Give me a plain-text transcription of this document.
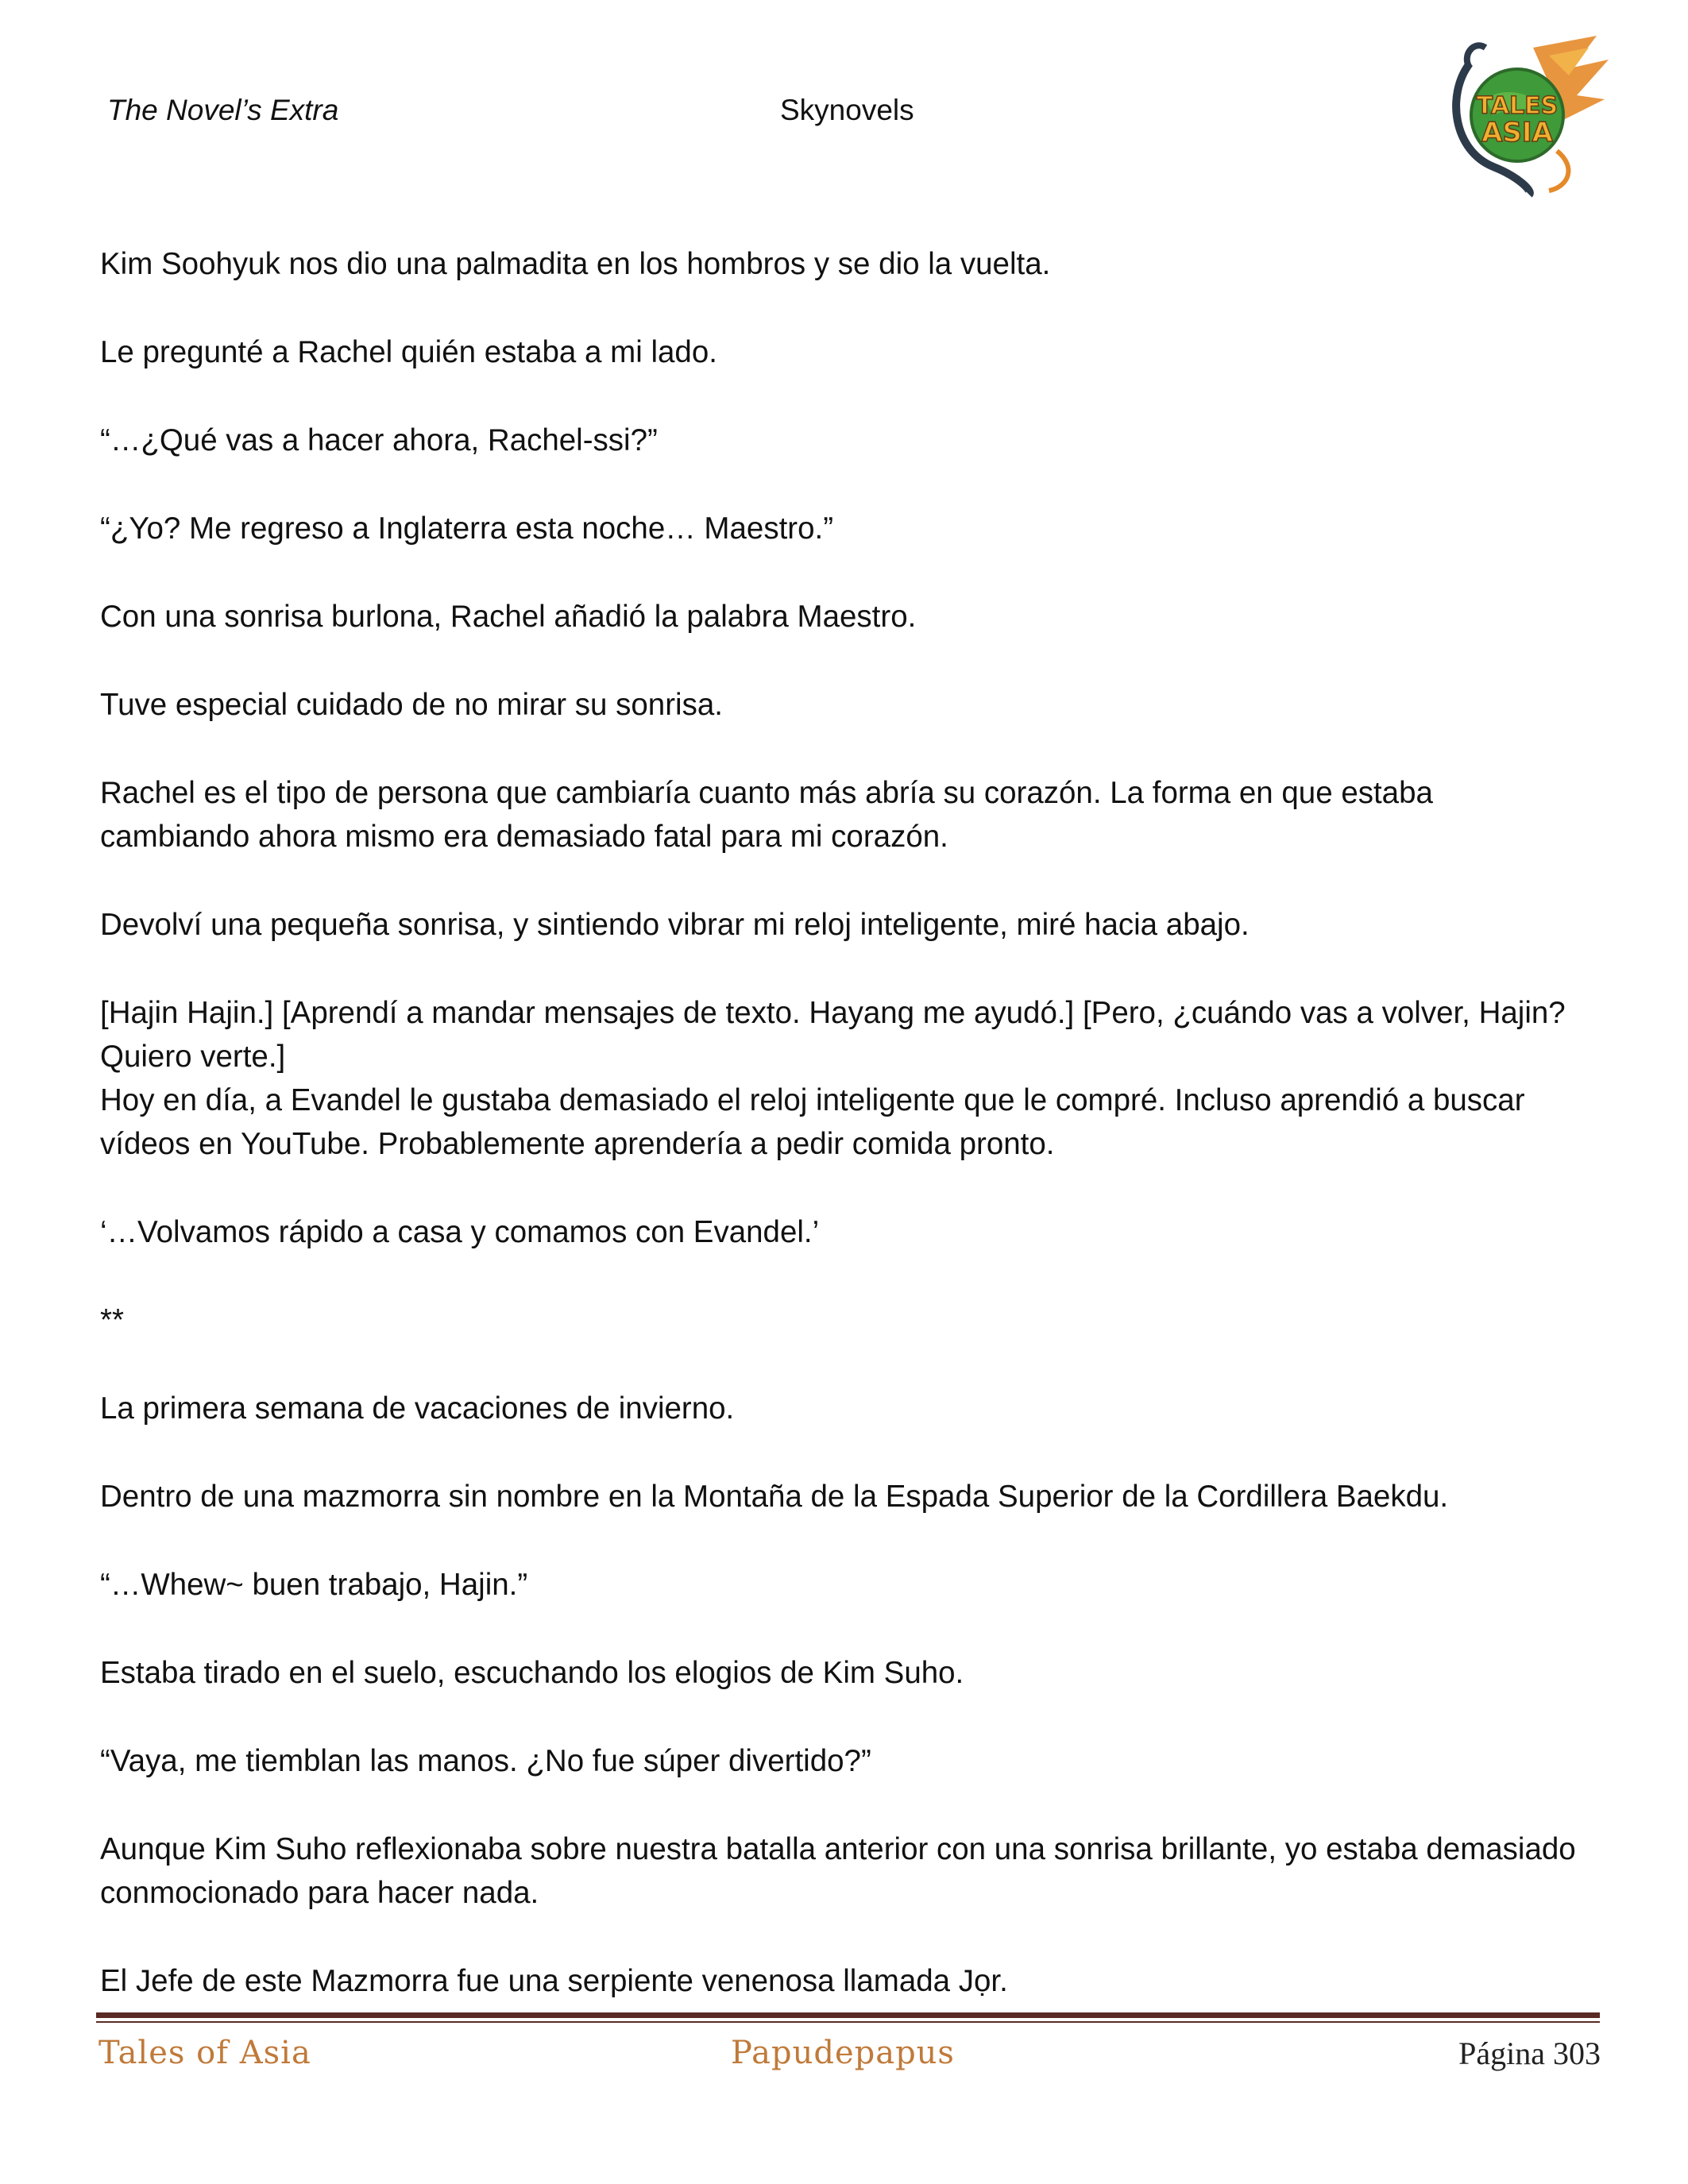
The Novel’s Extra	Skynovels	TALES
ASIA

Kim Soohyuk nos dio una palmadita en los hombros y se dio la vuelta.

Le pregunté a Rachel quién estaba a mi lado.

“…¿Qué vas a hacer ahora, Rachel-ssi?”

“¿Yo? Me regreso a Inglaterra esta noche… Maestro.”

Con una sonrisa burlona, Rachel añadió la palabra Maestro.

Tuve especial cuidado de no mirar su sonrisa.

Rachel es el tipo de persona que cambiaría cuanto más abría su corazón. La forma en que estaba cambiando ahora mismo era demasiado fatal para mi corazón.

Devolví una pequeña sonrisa, y sintiendo vibrar mi reloj inteligente, miré hacia abajo.

[Hajin Hajin.] [Aprendí a mandar mensajes de texto. Hayang me ayudó.] [Pero, ¿cuándo vas a volver, Hajin? Quiero verte.]

Hoy en día, a Evandel le gustaba demasiado el reloj inteligente que le compré. Incluso aprendió a buscar vídeos en YouTube. Probablemente aprendería a pedir comida pronto.

‘…Volvamos rápido a casa y comamos con Evandel.’

**

La primera semana de vacaciones de invierno.

Dentro de una mazmorra sin nombre en la Montaña de la Espada Superior de la Cordillera Baekdu.

“…Whew~ buen trabajo, Hajin.”

Estaba tirado en el suelo, escuchando los elogios de Kim Suho.

“Vaya, me tiemblan las manos. ¿No fue súper divertido?”

Aunque Kim Suho reflexionaba sobre nuestra batalla anterior con una sonrisa brillante, yo estaba demasiado conmocionado para hacer nada.

El Jefe de este Mazmorra fue una serpiente venenosa llamada Jọr.

Tales of Asia	Papudepapus	Página 303
